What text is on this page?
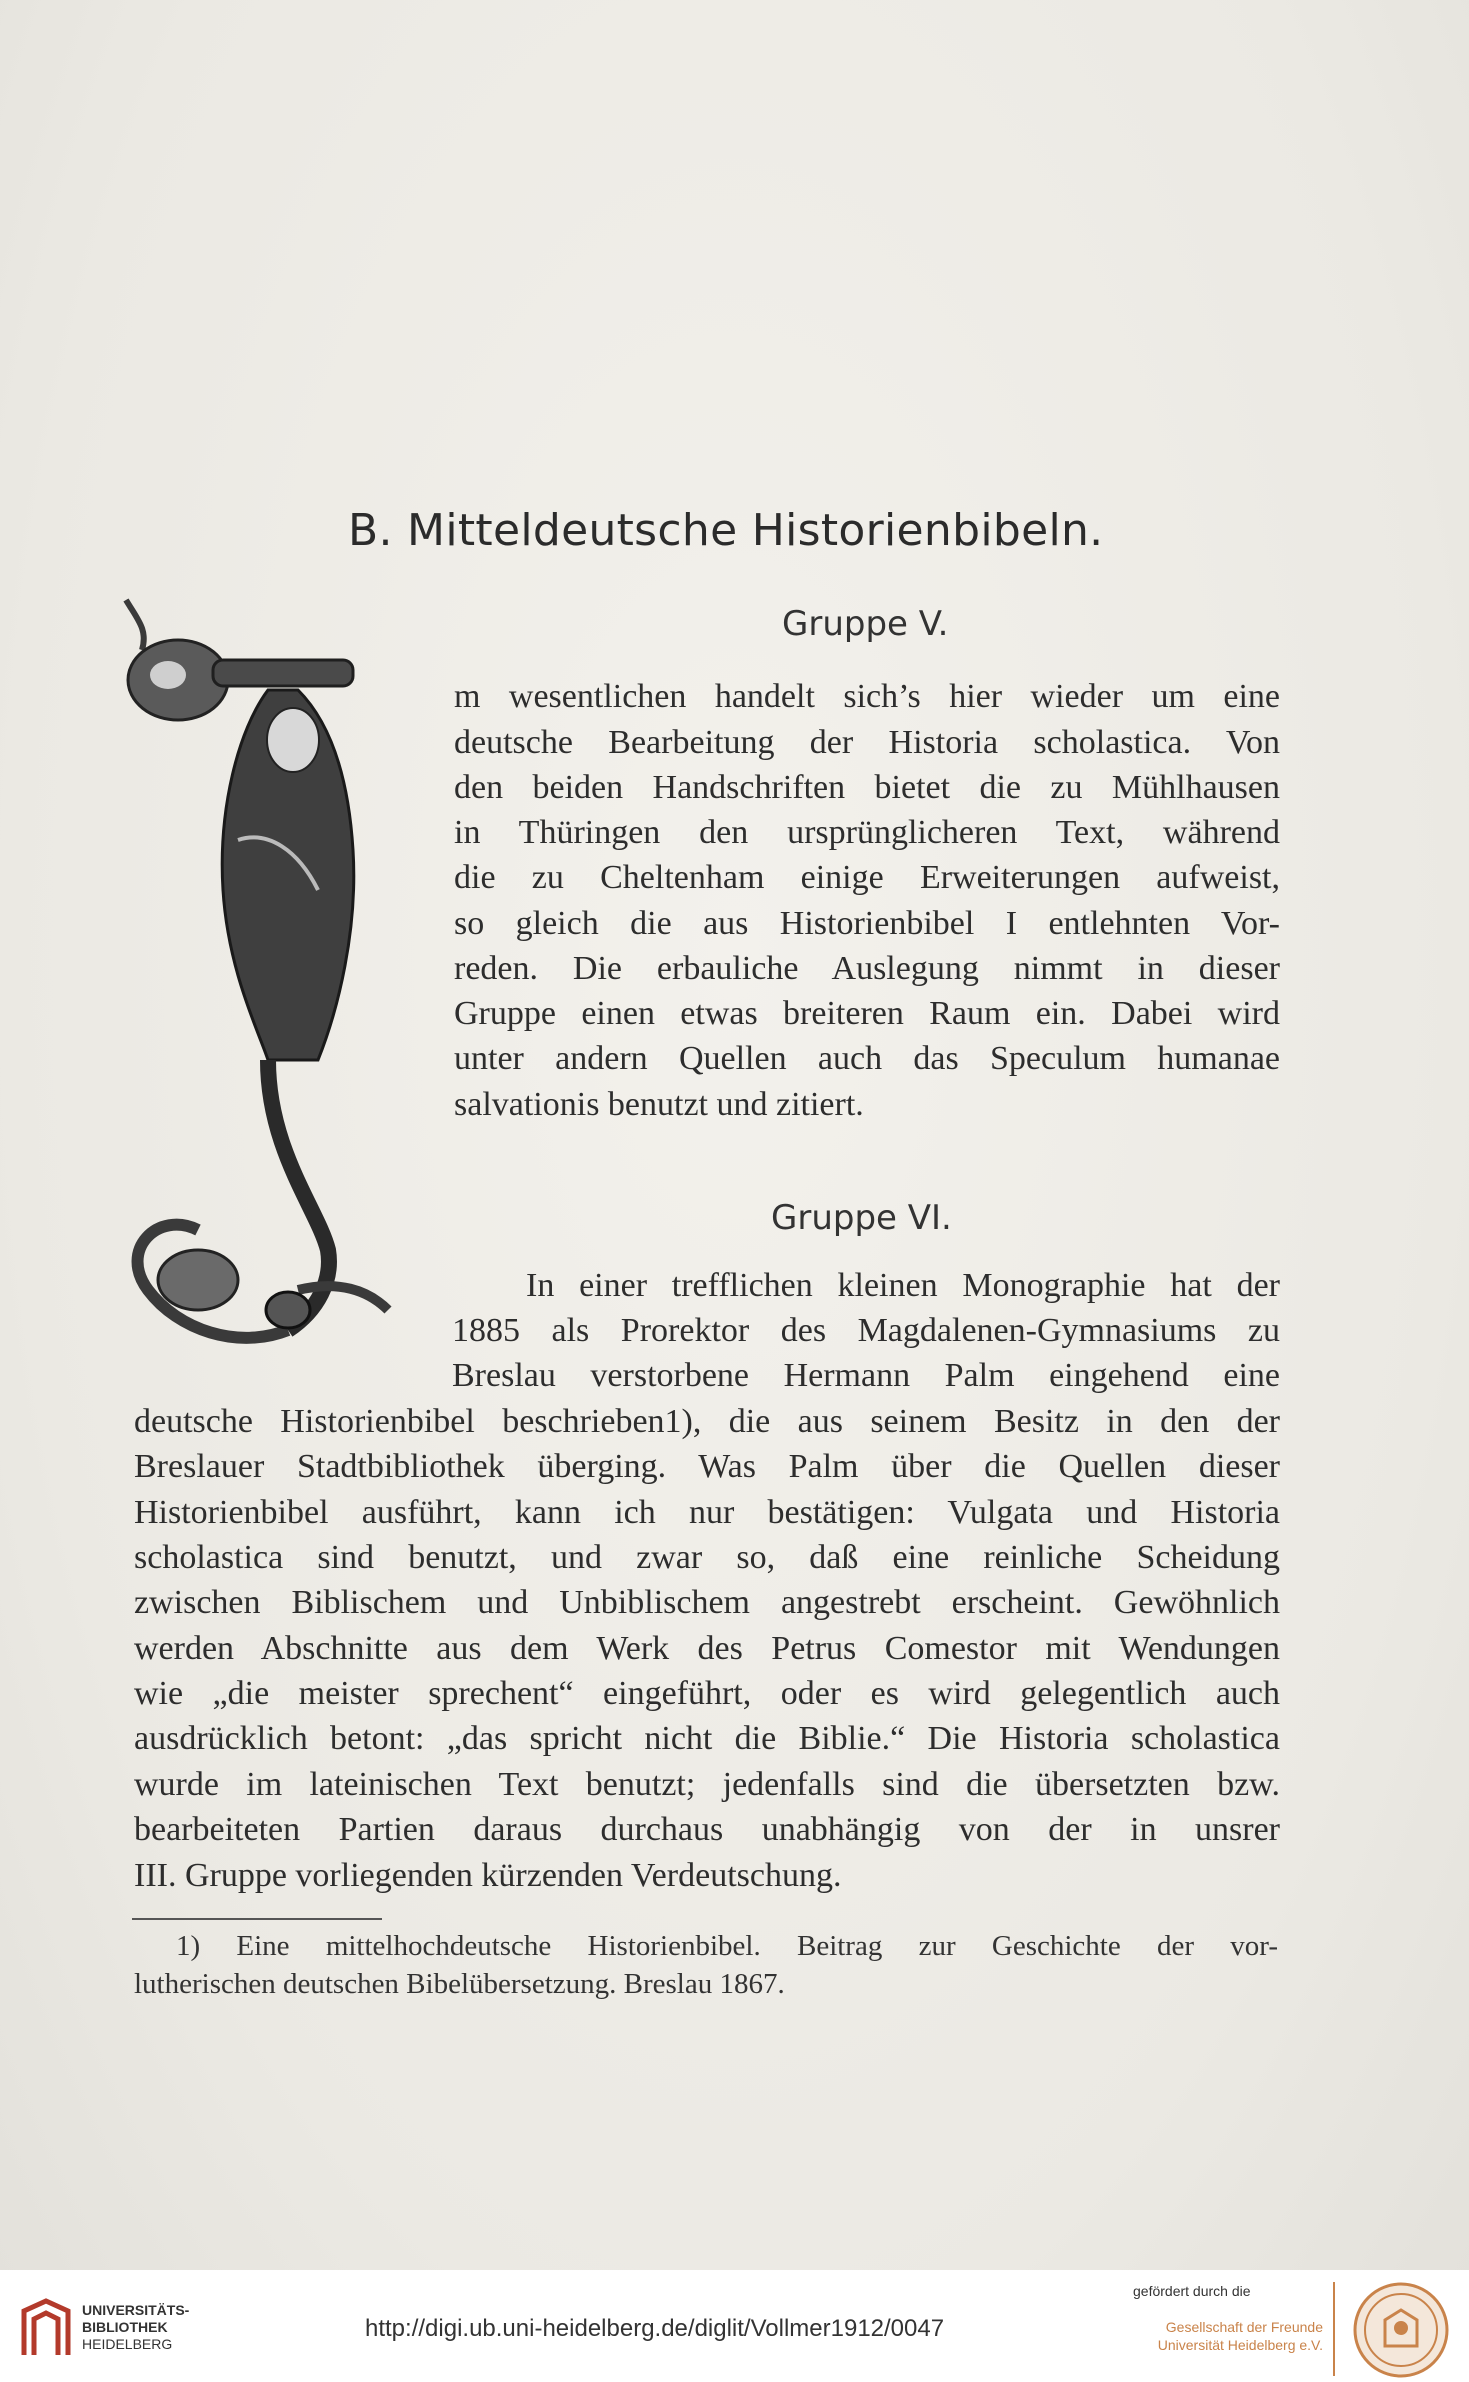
B. Mitteldeutsche Historienbibeln.
Gruppe V.

m wesentlichen handelt sich’s hier wieder um eine

deutsche Bearbeitung der Historia scholastica. Von

den beiden Handschriften bietet die zu Mühlhausen

in Thüringen den ursprünglicheren Text, während

die zu Cheltenham einige Erweiterungen aufweist,

so gleich die aus Historienbibel I entlehnten Vor-

reden. Die erbauliche Auslegung nimmt in dieser

Gruppe einen etwas breiteren Raum ein. Dabei wird

unter andern Quellen auch das Speculum humanae

salvationis benutzt und zitiert.

Gruppe VI.

In einer trefflichen kleinen Monographie hat der

1885 als Prorektor des Magdalenen-Gymnasiums zu

Breslau verstorbene Hermann Palm eingehend eine

deutsche Historienbibel beschrieben1), die aus seinem Besitz in den der

Breslauer Stadtbibliothek überging. Was Palm über die Quellen dieser

Historienbibel ausführt, kann ich nur bestätigen: Vulgata und Historia

scholastica sind benutzt, und zwar so, daß eine reinliche Scheidung

zwischen Biblischem und Unbiblischem angestrebt erscheint. Gewöhnlich

werden Abschnitte aus dem Werk des Petrus Comestor mit Wendungen

wie „die meister sprechent“ eingeführt, oder es wird gelegentlich auch

ausdrücklich betont: „das spricht nicht die Biblie.“ Die Historia scholastica

wurde im lateinischen Text benutzt; jedenfalls sind die übersetzten bzw.

bearbeiteten Partien daraus durchaus unabhängig von der in unsrer

III. Gruppe vorliegenden kürzenden Verdeutschung.

1) Eine mittelhochdeutsche Historienbibel. Beitrag zur Geschichte der vor-

lutherischen deutschen Bibelübersetzung. Breslau 1867.

UNIVERSITÄTS-
BIBLIOTHEK
HEIDELBERG
http://digi.ub.uni-heidelberg.de/diglit/Vollmer1912/0047
gefördert durch die
Gesellschaft der Freunde
Universität Heidelberg e.V.
